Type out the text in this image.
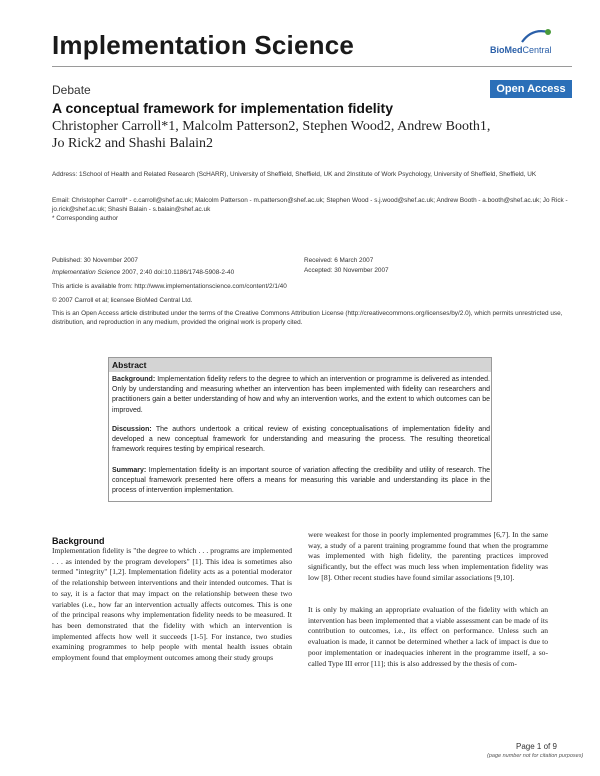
Implementation Science	BioMedCentral
Debate	Open Access
A conceptual framework for implementation fidelity
Christopher Carroll*1, Malcolm Patterson2, Stephen Wood2, Andrew Booth1,
Jo Rick2 and Shashi Balain2
Address: 1School of Health and Related Research (ScHARR), University of Sheffield, Sheffield, UK and 2Institute of Work Psychology, University of Sheffield, Sheffield, UK
Email: Christopher Carroll* - c.carroll@shef.ac.uk; Malcolm Patterson - m.patterson@shef.ac.uk; Stephen Wood - s.j.wood@shef.ac.uk; Andrew Booth - a.booth@shef.ac.uk; Jo Rick - jo.rick@shef.ac.uk; Shashi Balain - s.balain@shef.ac.uk
* Corresponding author
Published: 30 November 2007
Implementation Science 2007, 2:40 doi:10.1186/1748-5908-2-40
Received: 6 March 2007
Accepted: 30 November 2007
This article is available from: http://www.implementationscience.com/content/2/1/40
© 2007 Carroll et al; licensee BioMed Central Ltd.
This is an Open Access article distributed under the terms of the Creative Commons Attribution License (http://creativecommons.org/licenses/by/2.0), which permits unrestricted use, distribution, and reproduction in any medium, provided the original work is properly cited.
Abstract
Background: Implementation fidelity refers to the degree to which an intervention or programme is delivered as intended. Only by understanding and measuring whether an intervention has been implemented with fidelity can researchers and practitioners gain a better understanding of how and why an intervention works, and the extent to which outcomes can be improved.
Discussion: The authors undertook a critical review of existing conceptualisations of implementation fidelity and developed a new conceptual framework for understanding and measuring the process. The resulting theoretical framework requires testing by empirical research.
Summary: Implementation fidelity is an important source of variation affecting the credibility and utility of research. The conceptual framework presented here offers a means for measuring this variable and understanding its place in the process of intervention implementation.
Background
Implementation fidelity is "the degree to which . . . programs are implemented . . . as intended by the program developers" [1]. This idea is sometimes also termed "integrity" [1,2]. Implementation fidelity acts as a potential moderator of the relationship between interventions and their intended outcomes. That is to say, it is a factor that may impact on the relationship between these two variables (i.e., how far an intervention actually affects outcomes. This is one of the principal reasons why implementation fidelity needs to be measured. It has been demonstrated that the fidelity with which an intervention is implemented affects how well it succeeds [1-5]. For instance, two studies examining programmes to help people with mental health issues obtain employment found that employment outcomes among their study groups
were weakest for those in poorly implemented programmes [6,7]. In the same way, a study of a parent training programme found that when the programme was implemented with high fidelity, the parenting practices improved significantly, but the effect was much less when implementation fidelity was low [8]. Other recent studies have found similar associations [9,10].
It is only by making an appropriate evaluation of the fidelity with which an intervention has been implemented that a viable assessment can be made of its contribution to outcomes, i.e., its effect on performance. Unless such an evaluation is made, it cannot be determined whether a lack of impact is due to poor implementation or inadequacies inherent in the programme itself, a so-called Type III error [11]; this is also addressed by the thesis of com-
Page 1 of 9
(page number not for citation purposes)
